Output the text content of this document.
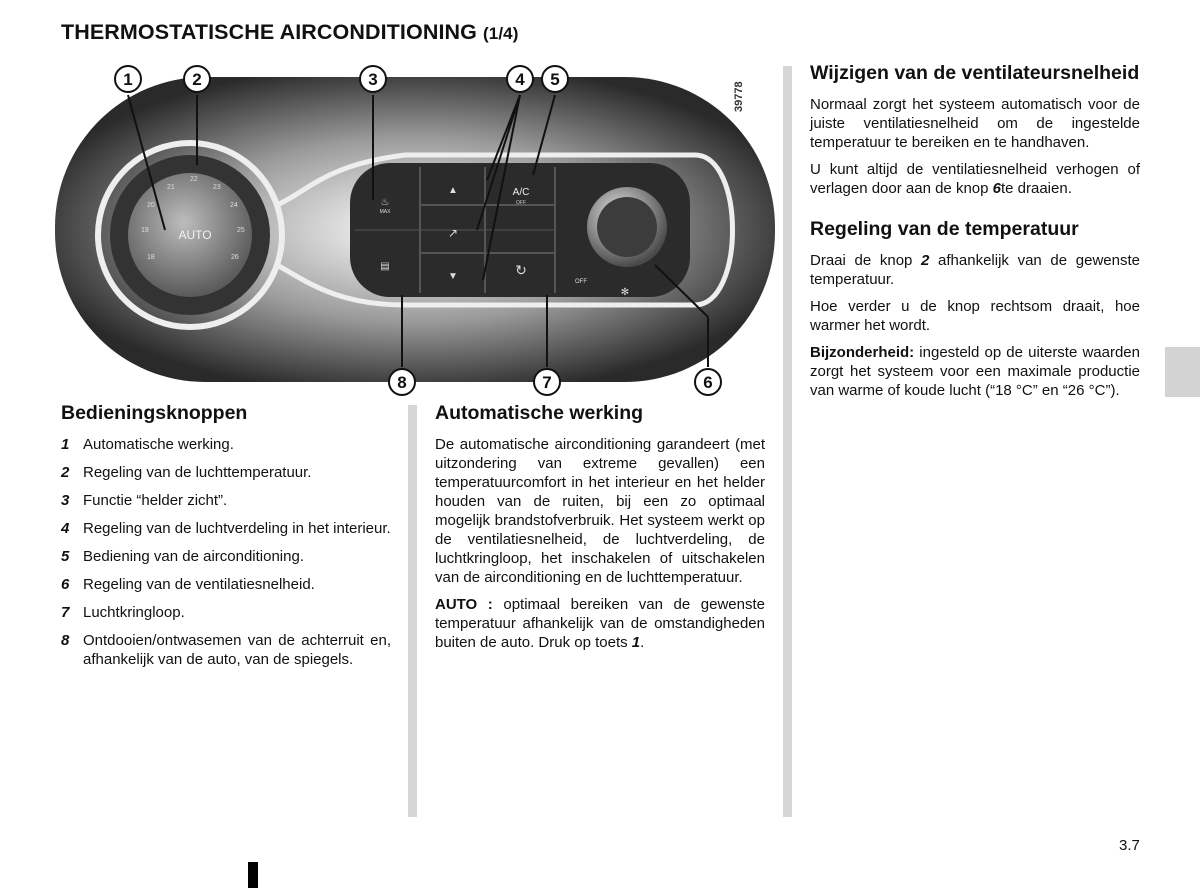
THERMOSTATISCHE AIRCONDITIONING (1/4)
AUTO
18
19
20
21
22
23
24
25
26
MAX
A/C
OFF
OFF
♨
▤
▲
↗
▼	↻
✻
1	2	3	4 5
6
7
8
39778
Bedieningsknoppen
1 Automatische werking.
2 Regeling van de luchttemperatuur.
3 Functie “helder zicht”.
4 Regeling van de luchtverdeling in het interieur.
5 Bediening van de airconditioning.
6 Regeling van de ventilatiesnelheid.
7 Luchtkringloop.
8 Ontdooien/ontwasemen van de achterruit en, afhankelijk van de auto, van de spiegels.
Automatische werking

De automatische airconditioning garandeert (met uitzondering van extreme gevallen) een temperatuurcomfort in het interieur en het helder houden van de ruiten, bij een zo optimaal mogelijk brandstofverbruik. Het systeem werkt op de ventilatiesnelheid, de luchtverdeling, de luchtkringloop, het inschakelen of uitschakelen van de airconditioning en de luchttemperatuur.

AUTO : optimaal bereiken van de gewenste temperatuur afhankelijk van de omstandigheden buiten de auto. Druk op toets 1.

Wijzigen van de ventilateursnelheid

Normaal zorgt het systeem automatisch voor de juiste ventilatiesnelheid om de ingestelde temperatuur te bereiken en te handhaven.

U kunt altijd de ventilatiesnelheid verhogen of verlagen door aan de knop 6te draaien.

Regeling van de temperatuur

Draai de knop 2 afhankelijk van de gewenste temperatuur.

Hoe verder u de knop rechtsom draait, hoe warmer het wordt.

Bijzonderheid: ingesteld op de uiterste waarden zorgt het systeem voor een maximale productie van warme of koude lucht (“18 °C” en “26 °C”).

3.7
